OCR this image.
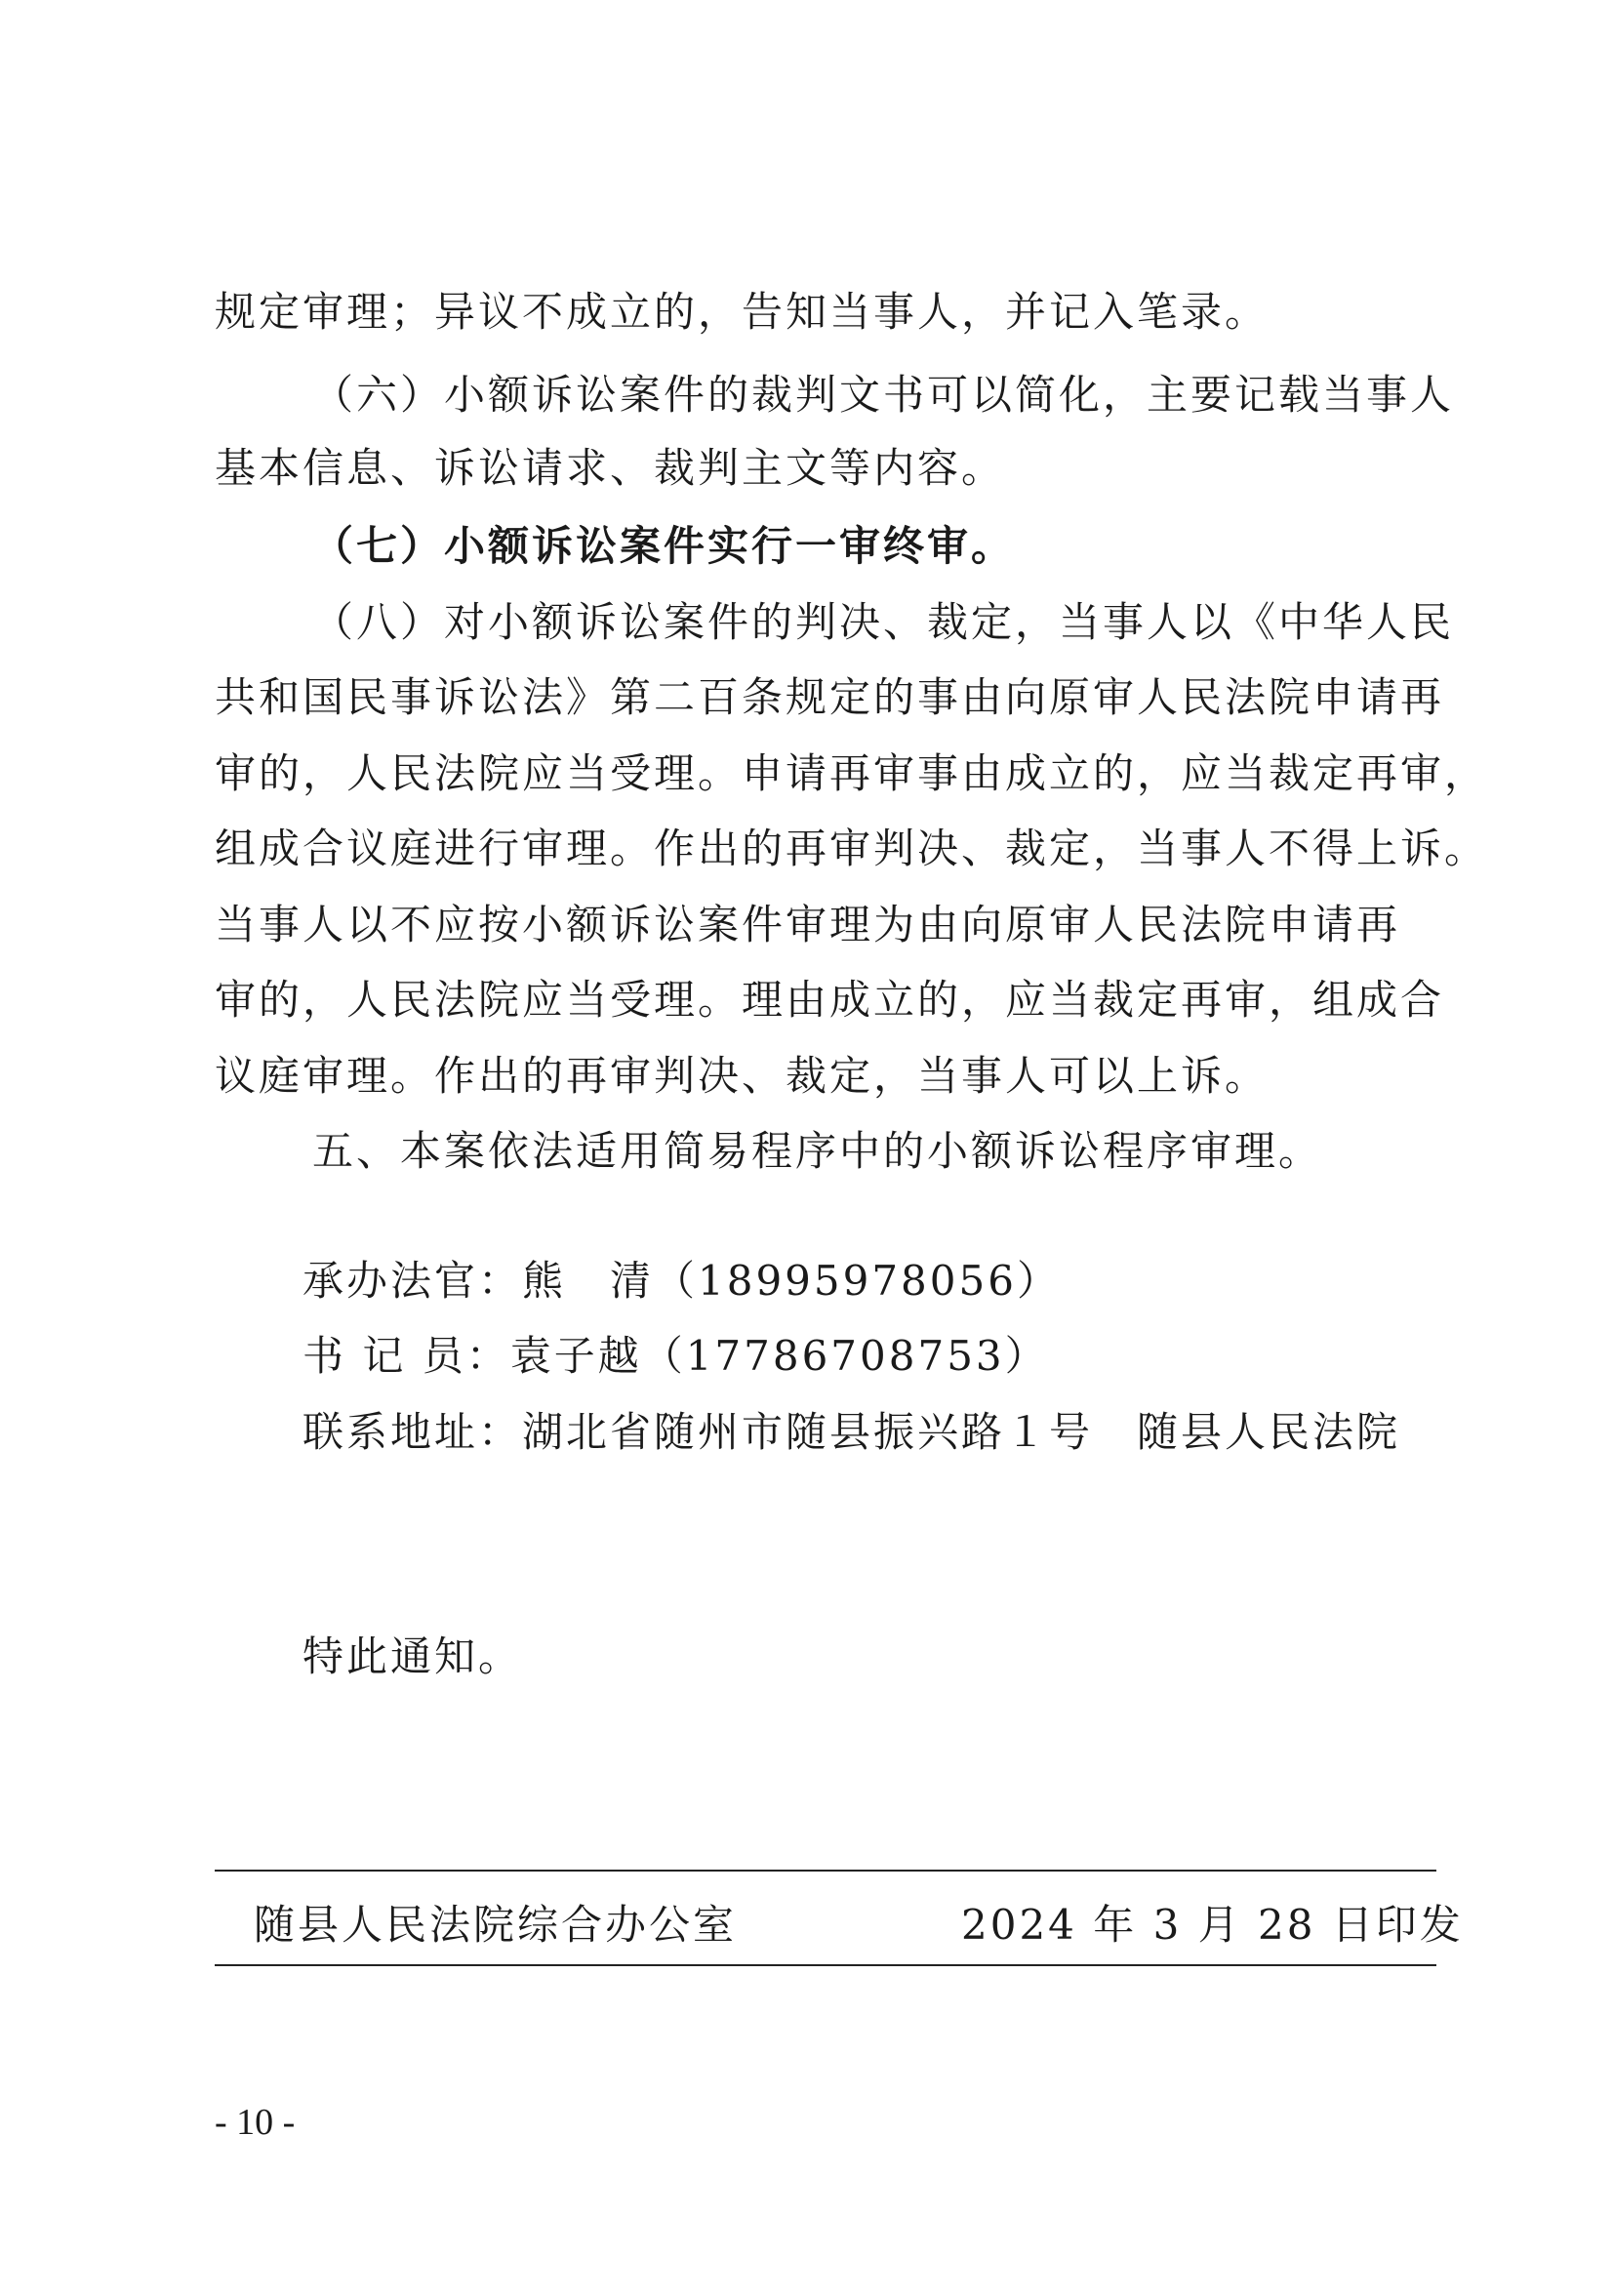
规定审理；异议不成立的，告知当事人，并记入笔录。
（六）小额诉讼案件的裁判文书可以简化，主要记载当事人
基本信息、诉讼请求、裁判主文等内容。
（七）小额诉讼案件实行一审终审。
（八）对小额诉讼案件的判决、裁定，当事人以《中华人民
共和国民事诉讼法》第二百条规定的事由向原审人民法院申请再
审的，人民法院应当受理。申请再审事由成立的，应当裁定再审，
组成合议庭进行审理。作出的再审判决、裁定，当事人不得上诉。
当事人以不应按小额诉讼案件审理为由向原审人民法院申请再
审的，人民法院应当受理。理由成立的，应当裁定再审，组成合
议庭审理。作出的再审判决、裁定，当事人可以上诉。
五、本案依法适用简易程序中的小额诉讼程序审理。
承办法官：熊　清（18995978056）
书 记 员：袁子越（17786708753）
联系地址：湖北省随州市随县振兴路１号　随县人民法院
特此通知。
随县人民法院综合办公室	2024 年 3 月 28 日印发
- 10 -
